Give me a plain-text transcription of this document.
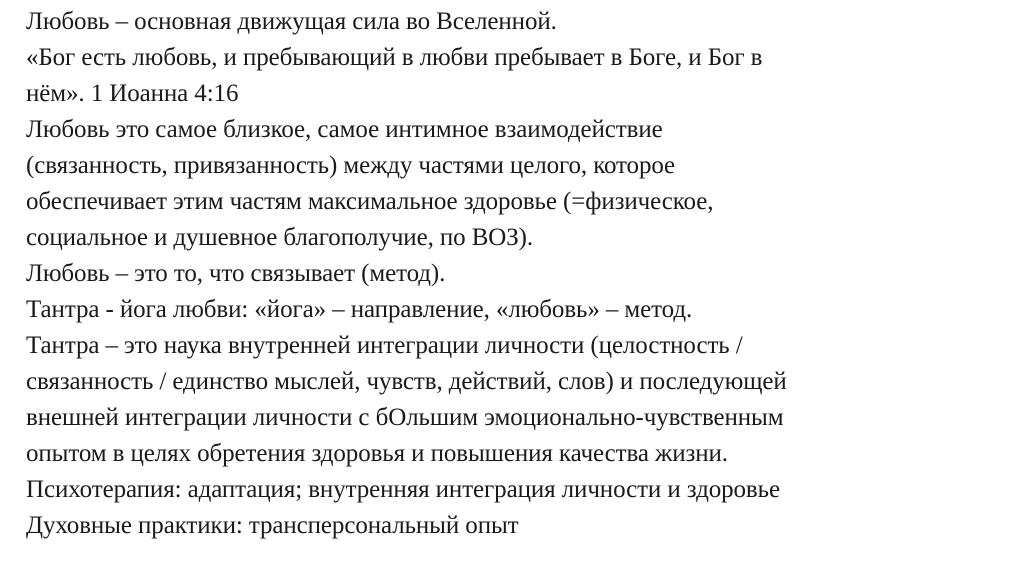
Любовь – основная движущая сила во Вселенной.
«Бог есть любовь, и пребывающий в любви пребывает в Боге, и Бог в
нём». 1 Иоанна 4:16
Любовь это самое близкое, самое интимное взаимодействие
(связанность, привязанность) между частями целого, которое
обеспечивает этим частям максимальное здоровье (=физическое,
социальное и душевное благополучие, по ВОЗ).
Любовь – это то, что связывает (метод).
Тантра - йога любви: «йога» – направление, «любовь» – метод.
Тантра – это наука внутренней интеграции личности (целостность /
связанность / единство мыслей, чувств, действий, слов) и последующей
внешней интеграции личности с бОльшим эмоционально-чувственным
опытом в целях обретения здоровья и повышения качества жизни.
Психотерапия: адаптация; внутренняя интеграция личности и здоровье
Духовные практики: трансперсональный опыт
